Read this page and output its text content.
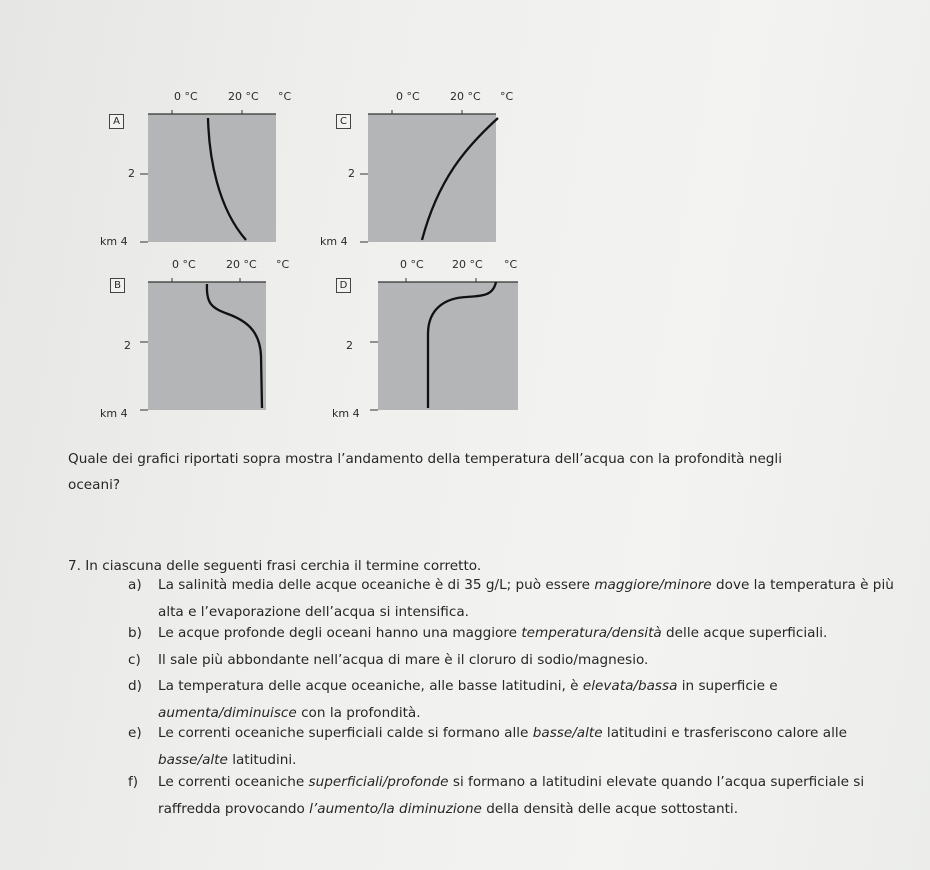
0 °C	20 °C °C
A
2
km 4
0 °C	20 °C °C
C
2
km 4
0 °C	20 °C °C
B
2
km 4
0 °C	20 °C °C
D
2
km 4
Quale dei grafici riportati sopra mostra l’andamento della temperatura dell’acqua con la profondità negli oceani?
7. In ciascuna delle seguenti frasi cerchia il termine corretto.
a) La salinità media delle acque oceaniche è di 35 g/L; può essere maggiore/minore dove la temperatura è più alta e l’evaporazione dell’acqua si intensifica.
b) Le acque profonde degli oceani hanno una maggiore temperatura/densità delle acque superficiali.
c) Il sale più abbondante nell’acqua di mare è il cloruro di sodio/magnesio.
d) La temperatura delle acque oceaniche, alle basse latitudini, è elevata/bassa in superficie e aumenta/diminuisce con la profondità.
e) Le correnti oceaniche superficiali calde si formano alle basse/alte latitudini e trasferiscono calore alle basse/alte latitudini.
f) Le correnti oceaniche superficiali/profonde si formano a latitudini elevate quando l’acqua superficiale si raffredda provocando l’aumento/la diminuzione della densità delle acque sottostanti.
